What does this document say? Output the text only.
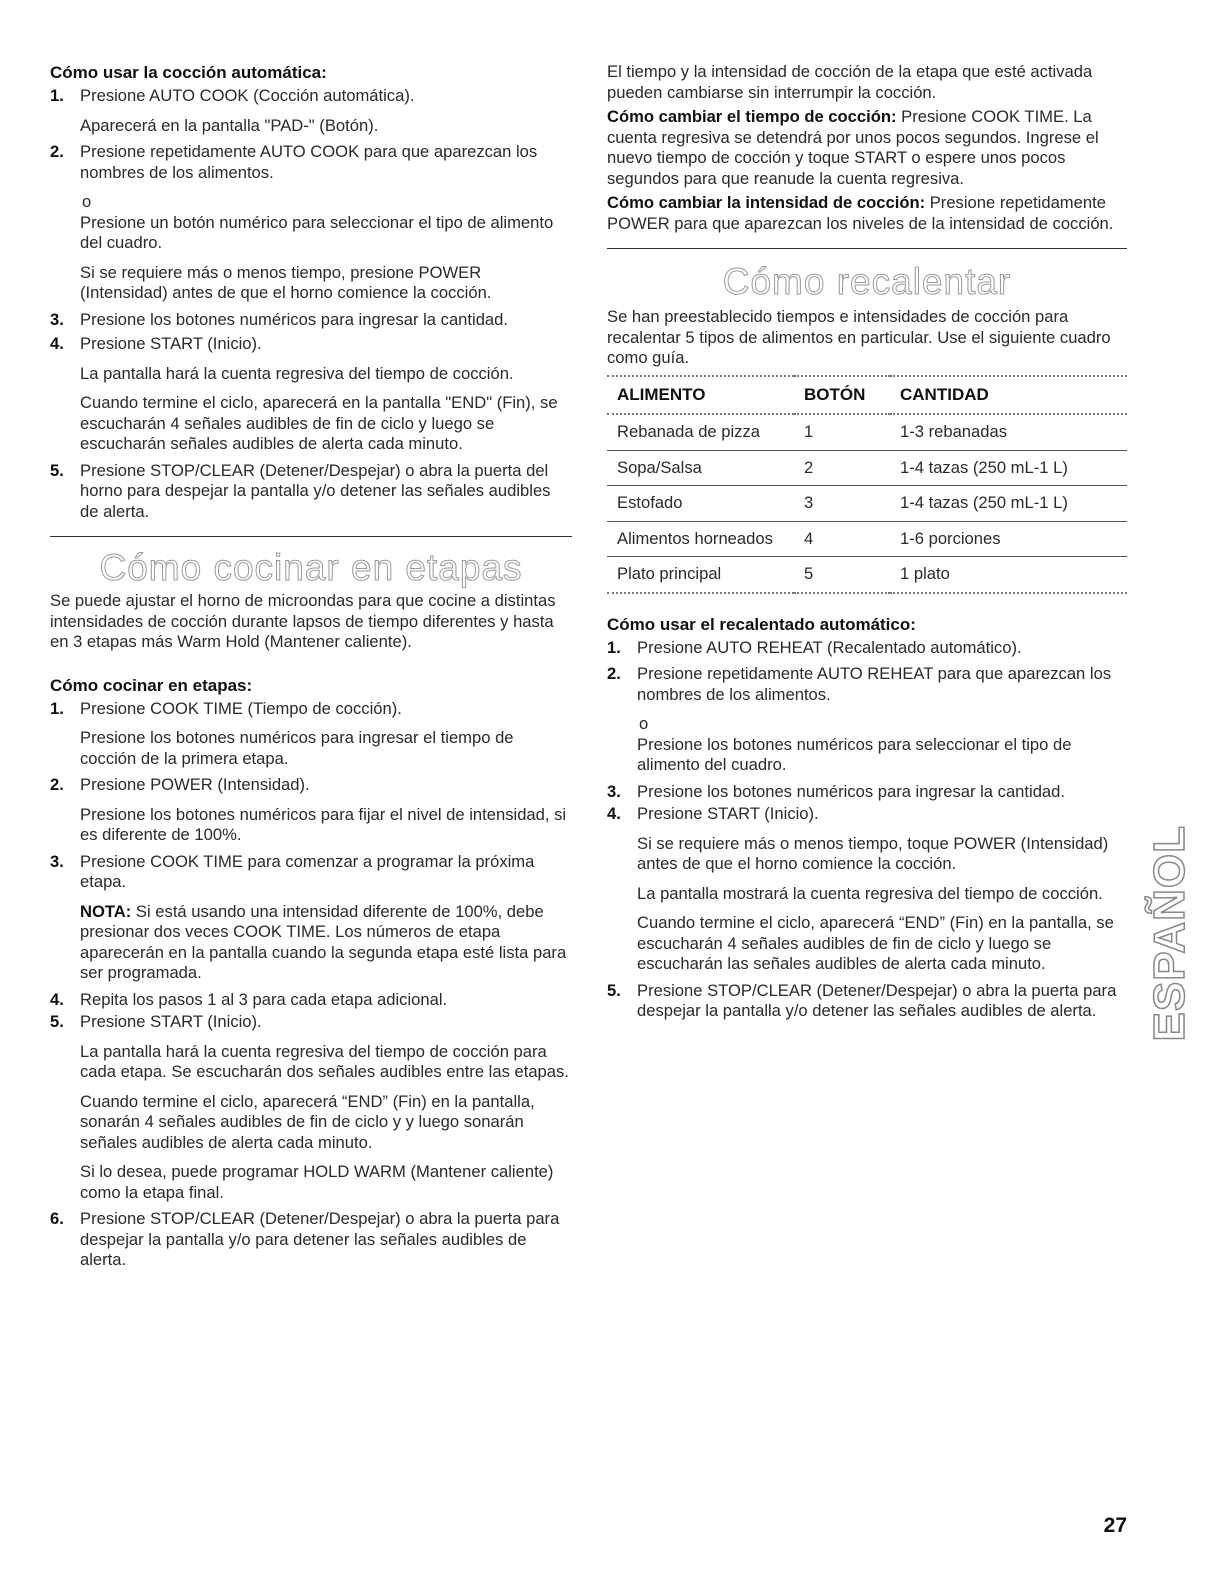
Cómo usar la cocción automática:
1. Presione AUTO COOK (Cocción automática).
Aparecerá en la pantalla "PAD-" (Botón).
2. Presione repetidamente AUTO COOK para que aparezcan los nombres de los alimentos.
o
Presione un botón numérico para seleccionar el tipo de alimento del cuadro.
Si se requiere más o menos tiempo, presione POWER (Intensidad) antes de que el horno comience la cocción.
3. Presione los botones numéricos para ingresar la cantidad.
4. Presione START (Inicio).
La pantalla hará la cuenta regresiva del tiempo de cocción.
Cuando termine el ciclo, aparecerá en la pantalla "END" (Fin), se escucharán 4 señales audibles de fin de ciclo y luego se escucharán señales audibles de alerta cada minuto.
5. Presione STOP/CLEAR (Detener/Despejar) o abra la puerta del horno para despejar la pantalla y/o detener las señales audibles de alerta.
Cómo cocinar en etapas

Se puede ajustar el horno de microondas para que cocine a distintas intensidades de cocción durante lapsos de tiempo diferentes y hasta en 3 etapas más Warm Hold (Mantener caliente).

Cómo cocinar en etapas:
1. Presione COOK TIME (Tiempo de cocción).
Presione los botones numéricos para ingresar el tiempo de cocción de la primera etapa.
2. Presione POWER (Intensidad).
Presione los botones numéricos para fijar el nivel de intensidad, si es diferente de 100%.
3. Presione COOK TIME para comenzar a programar la próxima etapa.
NOTA: Si está usando una intensidad diferente de 100%, debe presionar dos veces COOK TIME. Los números de etapa aparecerán en la pantalla cuando la segunda etapa esté lista para ser programada.
4. Repita los pasos 1 al 3 para cada etapa adicional.
5. Presione START (Inicio).
La pantalla hará la cuenta regresiva del tiempo de cocción para cada etapa. Se escucharán dos señales audibles entre las etapas.
Cuando termine el ciclo, aparecerá “END” (Fin) en la pantalla, sonarán 4 señales audibles de fin de ciclo y y luego sonarán señales audibles de alerta cada minuto.
Si lo desea, puede programar HOLD WARM (Mantener caliente) como la etapa final.
6. Presione STOP/CLEAR (Detener/Despejar) o abra la puerta para despejar la pantalla y/o para detener las señales audibles de alerta.

El tiempo y la intensidad de cocción de la etapa que esté activada pueden cambiarse sin interrumpir la cocción.

Cómo cambiar el tiempo de cocción: Presione COOK TIME. La cuenta regresiva se detendrá por unos pocos segundos. Ingrese el nuevo tiempo de cocción y toque START o espere unos pocos segundos para que reanude la cuenta regresiva.

Cómo cambiar la intensidad de cocción: Presione repetidamente POWER para que aparezcan los niveles de la intensidad de cocción.

Cómo recalentar

Se han preestablecido tiempos e intensidades de cocción para recalentar 5 tipos de alimentos en particular. Use el siguiente cuadro como guía.

ALIMENTO	BOTÓN	CANTIDAD
Rebanada de pizza	1	1-3 rebanadas
Sopa/Salsa	2	1-4 tazas (250 mL-1 L)
Estofado	3	1-4 tazas (250 mL-1 L)
Alimentos horneados	4	1-6 porciones
Plato principal	5	1 plato
Cómo usar el recalentado automático:
1. Presione AUTO REHEAT (Recalentado automático).
2. Presione repetidamente AUTO REHEAT para que aparezcan los nombres de los alimentos.
o
Presione los botones numéricos para seleccionar el tipo de alimento del cuadro.
3. Presione los botones numéricos para ingresar la cantidad.
4. Presione START (Inicio).
Si se requiere más o menos tiempo, toque POWER (Intensidad) antes de que el horno comience la cocción.
La pantalla mostrará la cuenta regresiva del tiempo de cocción.
Cuando termine el ciclo, aparecerá “END” (Fin) en la pantalla, se escucharán 4 señales audibles de fin de ciclo y luego se escucharán las señales audibles de alerta cada minuto.
5. Presione STOP/CLEAR (Detener/Despejar) o abra la puerta para despejar la pantalla y/o detener las señales audibles de alerta.	ESPAÑOL
27
